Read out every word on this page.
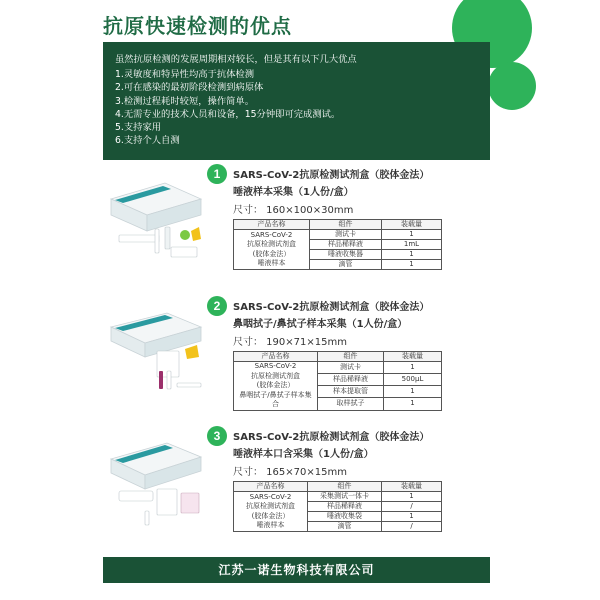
抗原快速检测的优点
虽然抗原检测的发展周期相对较长，但是其有以下几大优点
1.灵敏度和特异性均高于抗体检测
2.可在感染的最初阶段检测到病原体
3.检测过程耗时较短，操作简单。
4.无需专业的技术人员和设备，15分钟即可完成测试。
5.支持家用
6.支持个人自测
1	SARS-CoV-2抗原检测试剂盒（胶体金法）
唾液样本采集（1人份/盒）
尺寸： 160×100×30mm
产品名称	组件	装载量

SARS-CoV-2
抗原检测试剂盒
(胶体金法）
唾液样本	测试卡	1
	样品稀释液	1mL
	唾液收集器	1
	滴管	1
2	SARS-CoV-2抗原检测试剂盒（胶体金法）
鼻咽拭子/鼻拭子样本采集（1人份/盒）
尺寸： 190×71×15mm
产品名称	组件	装载量

SARS-CoV-2
抗原检测试剂盒
(胶体金法）
鼻咽拭子/鼻拭子样本集合	测试卡	1
	样品稀释液	500μL
	样本提取管	1
	取样拭子	1
3	SARS-CoV-2抗原检测试剂盒（胶体金法）
唾液样本口含采集（1人份/盒）
尺寸： 165×70×15mm
产品名称	组件	装载量

SARS-CoV-2
抗原检测试剂盒
(胶体金法）
唾液样本	采集测试一体卡	1
	样品稀释液	/
	唾液收集袋	1
	滴管	/
江苏一诺生物科技有限公司
